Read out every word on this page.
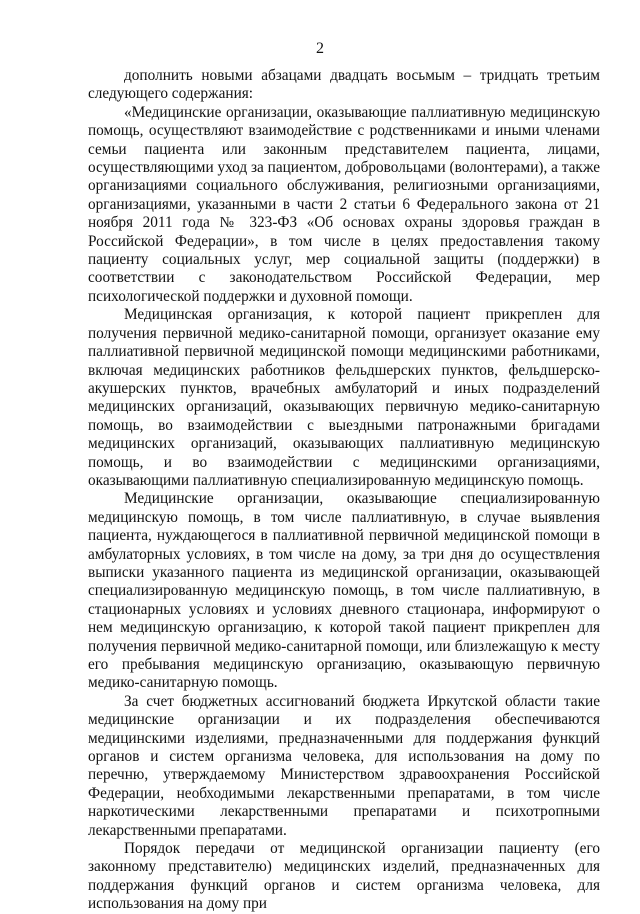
2

дополнить новыми абзацами двадцать восьмым – тридцать третьим следующего содержания:

«Медицинские организации, оказывающие паллиативную медицинскую помощь, осуществляют взаимодействие с родственниками и иными членами семьи пациента или законным представителем пациента, лицами, осуществляющими уход за пациентом, добровольцами (волонтерами), а также организациями социального обслуживания, религиозными организациями, организациями, указанными в части 2 статьи 6 Федерального закона от 21 ноября 2011 года № 323-ФЗ «Об основах охраны здоровья граждан в Российской Федерации», в том числе в целях предоставления такому пациенту социальных услуг, мер социальной защиты (поддержки) в соответствии с законодательством Российской Федерации, мер психологической поддержки и духовной помощи.

Медицинская организация, к которой пациент прикреплен для получения первичной медико-санитарной помощи, организует оказание ему паллиативной первичной медицинской помощи медицинскими работниками, включая медицинских работников фельдшерских пунктов, фельдшерско-акушерских пунктов, врачебных амбулаторий и иных подразделений медицинских организаций, оказывающих первичную медико-санитарную помощь, во взаимодействии с выездными патронажными бригадами медицинских организаций, оказывающих паллиативную медицинскую помощь, и во взаимодействии с медицинскими организациями, оказывающими паллиативную специализированную медицинскую помощь.

Медицинские организации, оказывающие специализированную медицинскую помощь, в том числе паллиативную, в случае выявления пациента, нуждающегося в паллиативной первичной медицинской помощи в амбулаторных условиях, в том числе на дому, за три дня до осуществления выписки указанного пациента из медицинской организации, оказывающей специализированную медицинскую помощь, в том числе паллиативную, в стационарных условиях и условиях дневного стационара, информируют о нем медицинскую организацию, к которой такой пациент прикреплен для получения первичной медико-санитарной помощи, или близлежащую к месту его пребывания медицинскую организацию, оказывающую первичную медико-санитарную помощь.

За счет бюджетных ассигнований бюджета Иркутской области такие медицинские организации и их подразделения обеспечиваются медицинскими изделиями, предназначенными для поддержания функций органов и систем организма человека, для использования на дому по перечню, утверждаемому Министерством здравоохранения Российской Федерации, необходимыми лекарственными препаратами, в том числе наркотическими лекарственными препаратами и психотропными лекарственными препаратами.

Порядок передачи от медицинской организации пациенту (его законному представителю) медицинских изделий, предназначенных для поддержания функций органов и систем организма человека, для использования на дому при
